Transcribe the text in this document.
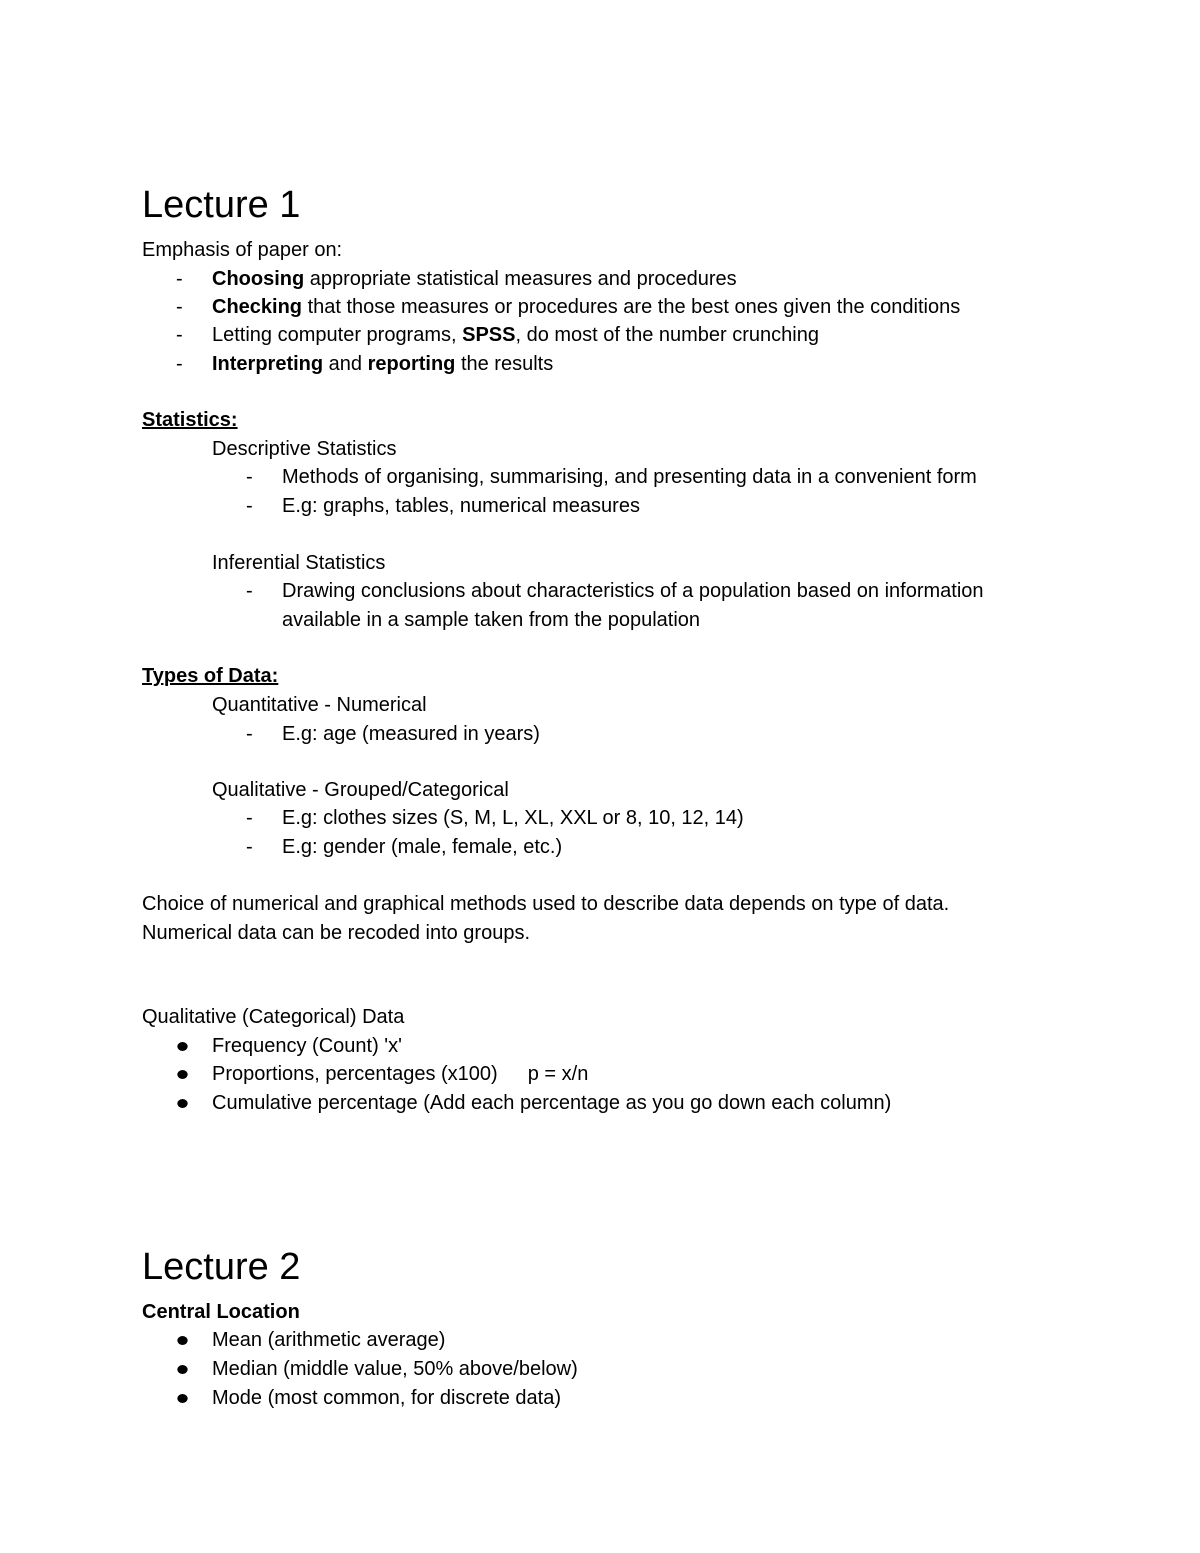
Lecture 1
Emphasis of paper on:
-	Choosing appropriate statistical measures and procedures
-	Checking that those measures or procedures are the best ones given the conditions
-	Letting computer programs, SPSS, do most of the number crunching
-	Interpreting and reporting the results
Statistics:
Descriptive Statistics
-	Methods of organising, summarising, and presenting data in a convenient form
-	E.g: graphs, tables, numerical measures
Inferential Statistics
-	Drawing conclusions about characteristics of a population based on information
available in a sample taken from the population
Types of Data:
Quantitative - Numerical
-	E.g: age (measured in years)
Qualitative - Grouped/Categorical
-	E.g: clothes sizes (S, M, L, XL, XXL or 8, 10, 12, 14)
-	E.g: gender (male, female, etc.)
Choice of numerical and graphical methods used to describe data depends on type of data.
Numerical data can be recoded into groups.
Qualitative (Categorical) Data
Frequency (Count) 'x'
Proportions, percentages (x100) p = x/n
Cumulative percentage (Add each percentage as you go down each column)
Lecture 2
Central Location
Mean (arithmetic average)
Median (middle value, 50% above/below)
Mode (most common, for discrete data)
